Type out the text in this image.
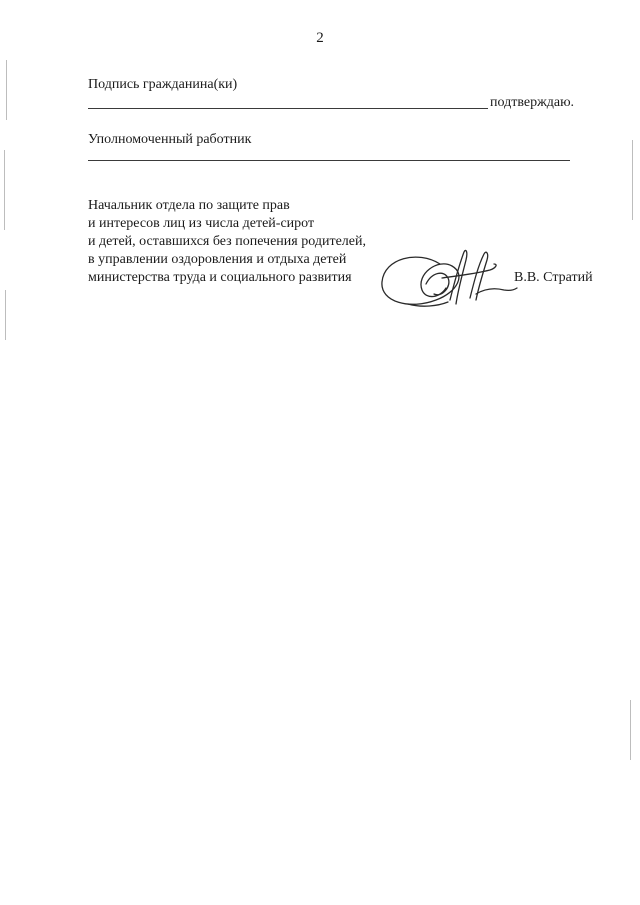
2
Подпись гражданина(ки)
подтверждаю.
Уполномоченный работник
Начальник отдела по защите прав
и интересов лиц из числа детей-сирот
и детей, оставшихся без попечения родителей,
в управлении оздоровления и отдыха детей
министерства труда и социального развития	В.В. Стратий
